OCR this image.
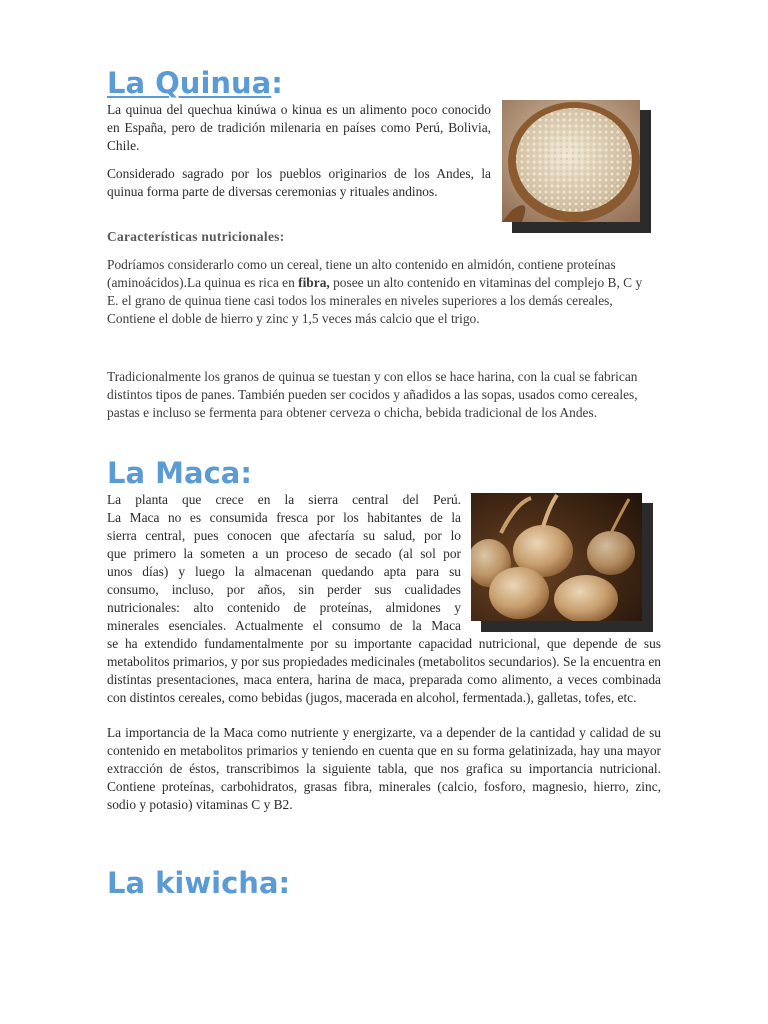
La Quinua:

La quinua del quechua kinúwa o kinua es un alimento poco conocido en España, pero de tradición milenaria en países como Perú, Bolivia, Chile.

Considerado sagrado por los pueblos originarios de los Andes, la quinua forma parte de diversas ceremonias y rituales andinos.

Características nutricionales:

Podríamos considerarlo como un cereal, tiene un alto contenido en almidón, contiene proteínas (aminoácidos).La quinua es rica en fibra, posee un alto contenido en vitaminas del complejo B, C y E. el grano de quinua tiene casi todos los minerales en niveles superiores a los demás cereales, Contiene el doble de hierro y zinc y 1,5 veces más calcio que el trigo.

Tradicionalmente los granos de quinua se tuestan y con ellos se hace harina, con la cual se fabrican distintos tipos de panes. También pueden ser cocidos y añadidos a las sopas, usados como cereales, pastas e incluso se fermenta para obtener cerveza o chicha, bebida tradicional de los Andes.

La Maca:

La planta que crece en la sierra central del Perú.

La Maca no es consumida fresca por los habitantes de la

sierra central, pues conocen que afectaría su salud, por lo

que primero la someten a un proceso de secado (al sol por

unos días) y luego la almacenan quedando apta para su

consumo, incluso, por años, sin perder sus cualidades

nutricionales: alto contenido de proteínas, almidones y

minerales esenciales. Actualmente el consumo de la Maca

se ha extendido fundamentalmente por su importante capacidad nutricional, que depende de sus metabolitos primarios, y por sus propiedades medicinales (metabolitos secundarios). Se la encuentra en distintas presentaciones, maca entera, harina de maca, preparada como alimento, a veces combinada con distintos cereales, como bebidas (jugos, macerada en alcohol, fermentada.), galletas, tofes, etc.

La importancia de la Maca como nutriente y energizarte, va a depender de la cantidad y calidad de su contenido en metabolitos primarios y teniendo en cuenta que en su forma gelatinizada, hay una mayor extracción de éstos, transcribimos la siguiente tabla, que nos grafica su importancia nutricional. Contiene proteínas, carbohidratos, grasas fibra, minerales (calcio, fosforo, magnesio, hierro, zinc, sodio y potasio) vitaminas C y B2.

La kiwicha:
